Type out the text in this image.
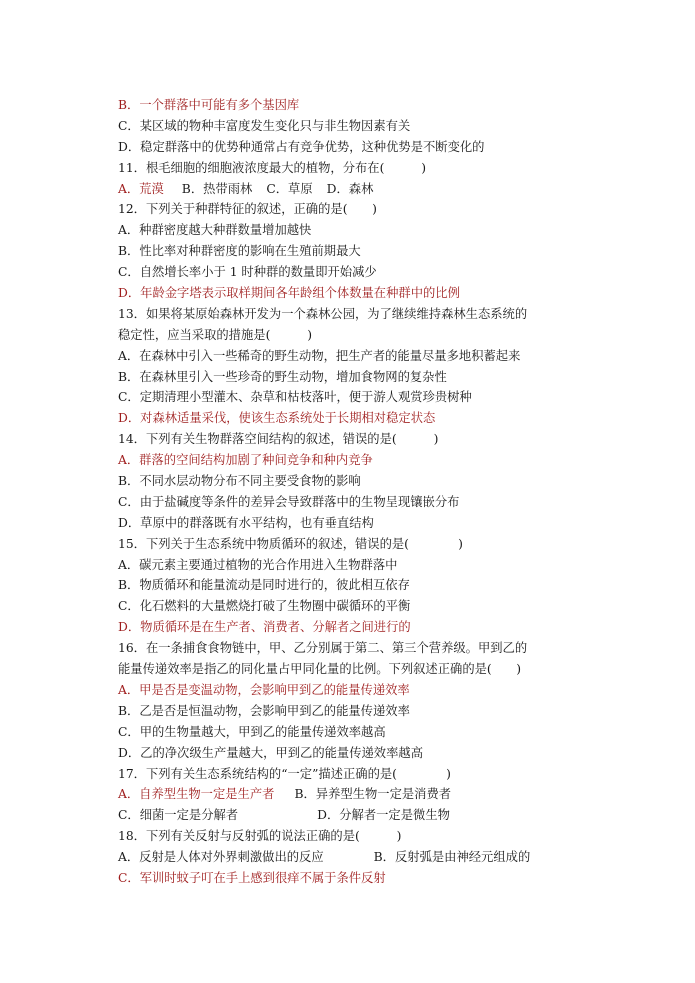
B．一个群落中可能有多个基因库
C．某区域的物种丰富度发生变化只与非生物因素有关
D．稳定群落中的优势种通常占有竞争优势，这种优势是不断变化的
11．根毛细胞的细胞液浓度最大的植物，分布在(　　　)
A．荒漠 B．热带雨林 C．草原 D．森林
12．下列关于种群特征的叙述，正确的是(　　)
A．种群密度越大种群数量增加越快
B．性比率对种群密度的影响在生殖前期最大
C．自然增长率小于 1 时种群的数量即开始减少
D．年龄金字塔表示取样期间各年龄组个体数量在种群中的比例
13．如果将某原始森林开发为一个森林公园，为了继续维持森林生态系统的
稳定性，应当采取的措施是(　　　)
A．在森林中引入一些稀奇的野生动物，把生产者的能量尽量多地积蓄起来
B．在森林里引入一些珍奇的野生动物，增加食物网的复杂性
C．定期清理小型灌木、杂草和枯枝落叶，便于游人观赏珍贵树种
D．对森林适量采伐，使该生态系统处于长期相对稳定状态
14．下列有关生物群落空间结构的叙述，错误的是(　　　)
A．群落的空间结构加剧了种间竞争和种内竞争
B．不同水层动物分布不同主要受食物的影响
C．由于盐碱度等条件的差异会导致群落中的生物呈现镶嵌分布
D．草原中的群落既有水平结构，也有垂直结构
15．下列关于生态系统中物质循环的叙述，错误的是(　　　　)
A．碳元素主要通过植物的光合作用进入生物群落中
B．物质循环和能量流动是同时进行的，彼此相互依存
C．化石燃料的大量燃烧打破了生物圈中碳循环的平衡
D．物质循环是在生产者、消费者、分解者之间进行的
16．在一条捕食食物链中，甲、乙分别属于第二、第三个营养级。甲到乙的
能量传递效率是指乙的同化量占甲同化量的比例。下列叙述正确的是(　　)
A．甲是否是变温动物，会影响甲到乙的能量传递效率
B．乙是否是恒温动物，会影响甲到乙的能量传递效率
C．甲的生物量越大，甲到乙的能量传递效率越高
D．乙的净次级生产量越大，甲到乙的能量传递效率越高
17．下列有关生态系统结构的“一定”描述正确的是(　　　　)
A．自养型生物一定是生产者 B．异养型生物一定是消费者
C．细菌一定是分解者	D．分解者一定是微生物
18．下列有关反射与反射弧的说法正确的是(　　　)
A．反射是人体对外界刺激做出的反应	B．反射弧是由神经元组成的
C．军训时蚊子叮在手上感到很痒不属于条件反射
